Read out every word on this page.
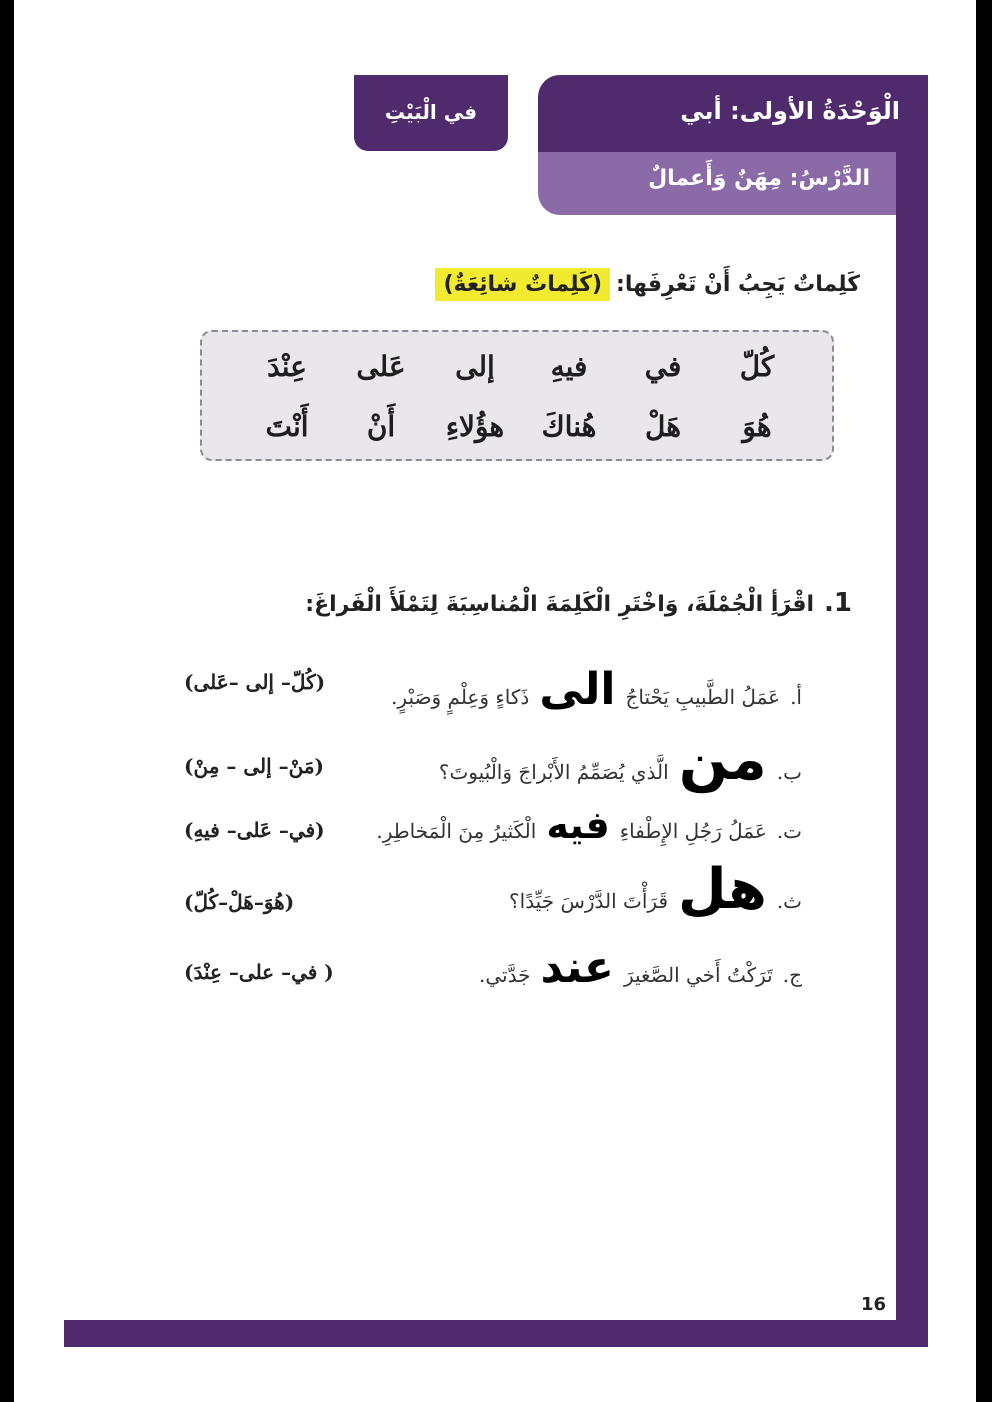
الْوَحْدَةُ الأولى: أبي
الدَّرْسُ: مِهَنٌ وَأَعمالٌ
في الْبَيْتِ
كَلِماتٌ يَجِبُ أَنْ تَعْرِفَها:
(كَلِماتٌ شائِعَةٌ)
كُلّ
في
فيهِ
إلى
عَلى
عِنْدَ
هُوَ
هَلْ
هُناكَ
هؤُلاءِ
أَنْ
أَنْتَ
1.
اقْرَأِ الْجُمْلَةَ، وَاخْتَرِ الْكَلِمَةَ الْمُناسِبَةَ لِتَمْلَأَ الْفَراغَ:
أ.
عَمَلُ الطَّبيبِ يَحْتاجُ
الى
ذَكاءٍ وَعِلْمٍ وَصَبْرٍ.
(كُلّ– إلى –عَلى)
ب.
من
الَّذي يُصَمِّمُ الأَبْراجَ وَالْبُيوتَ؟
(مَنْ– إلى – مِنْ)
ت.
عَمَلُ رَجُلِ الإِطْفاءِ
فيه
الْكَثيرُ مِنَ الْمَخاطِرِ.
(في– عَلى– فيهِ)
ث.
هل
قَرَأْتَ الدَّرْسَ جَيِّدًا؟
(هُوَ–هَلْ–كُلّ)
ج.
تَرَكْتُ أَخي الصَّغيرَ
عند
جَدَّتي.
( في– على– عِنْدَ)
16
